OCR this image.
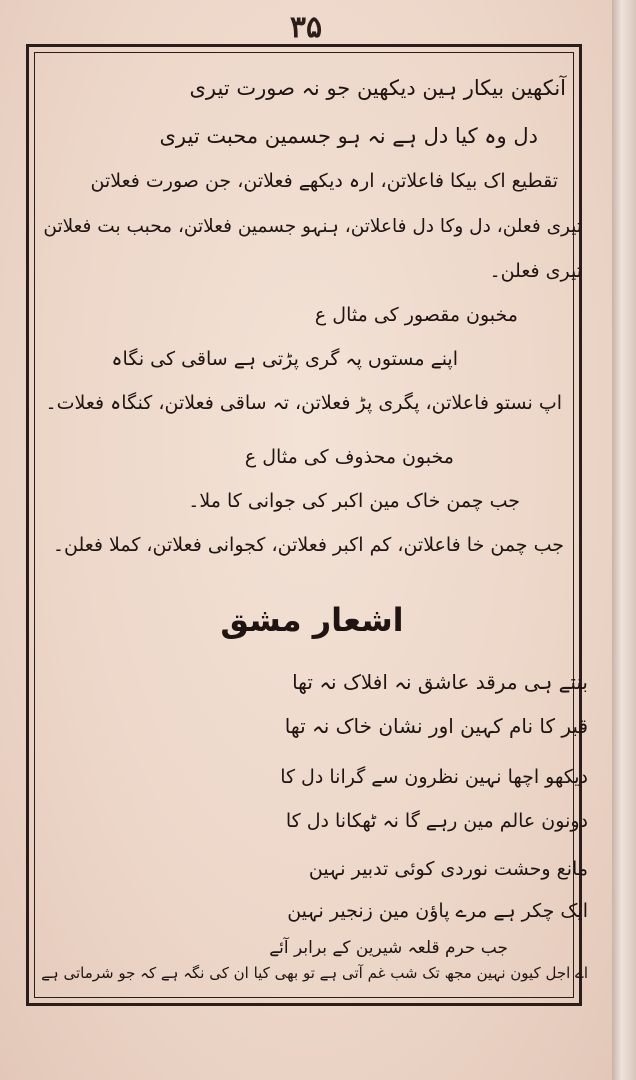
۳۵
آنکھین بیکار ہین دیکھین جو نہ صورت تیری
دل وہ کیا دل ہے نہ ہو جسمین محبت تیری
تقطیع اک بیکا فاعلاتن، ارہ دیکھے فعلاتن، جن صورت فعلاتن
تیری فعلن، دل وکا دل فاعلاتن، ہنہو جسمین فعلاتن، محبب بت فعلاتن
تیری فعلن۔
مخبون مقصور کی مثال ع
اپنے مستوں پہ گری پڑتی ہے ساقی کی نگاہ
اپ نستو فاعلاتن، پگری پڑ فعلاتن، تہ ساقی فعلاتن، کنگاہ فعلات۔
مخبون محذوف کی مثال ع
جب چمن خاک مین اکبر کی جوانی کا ملا۔
جب چمن خا فاعلاتن، کم اکبر فعلاتن، کجوانی فعلاتن، کملا فعلن۔
اشعار مشق
بنتے ہی مرقد عاشق نہ افلاک نہ تھا
قبر کا نام کہین اور نشان خاک نہ تھا
دیکھو اچھا نہین نظرون سے گرانا دل کا
دونون عالم مین رہے گا نہ ٹھکانا دل کا
مانع وحشت نوردی کوئی تدبیر نہین
ایک چکر ہے مرے پاؤن مین زنجیر نہین
جب حرم قلعہ شیرین کے برابر آئے
اے اجل کیون نہین مجھ تک شب غم آتی ہے تو بھی کیا ان کی نگہ ہے کہ جو شرماتی ہے
